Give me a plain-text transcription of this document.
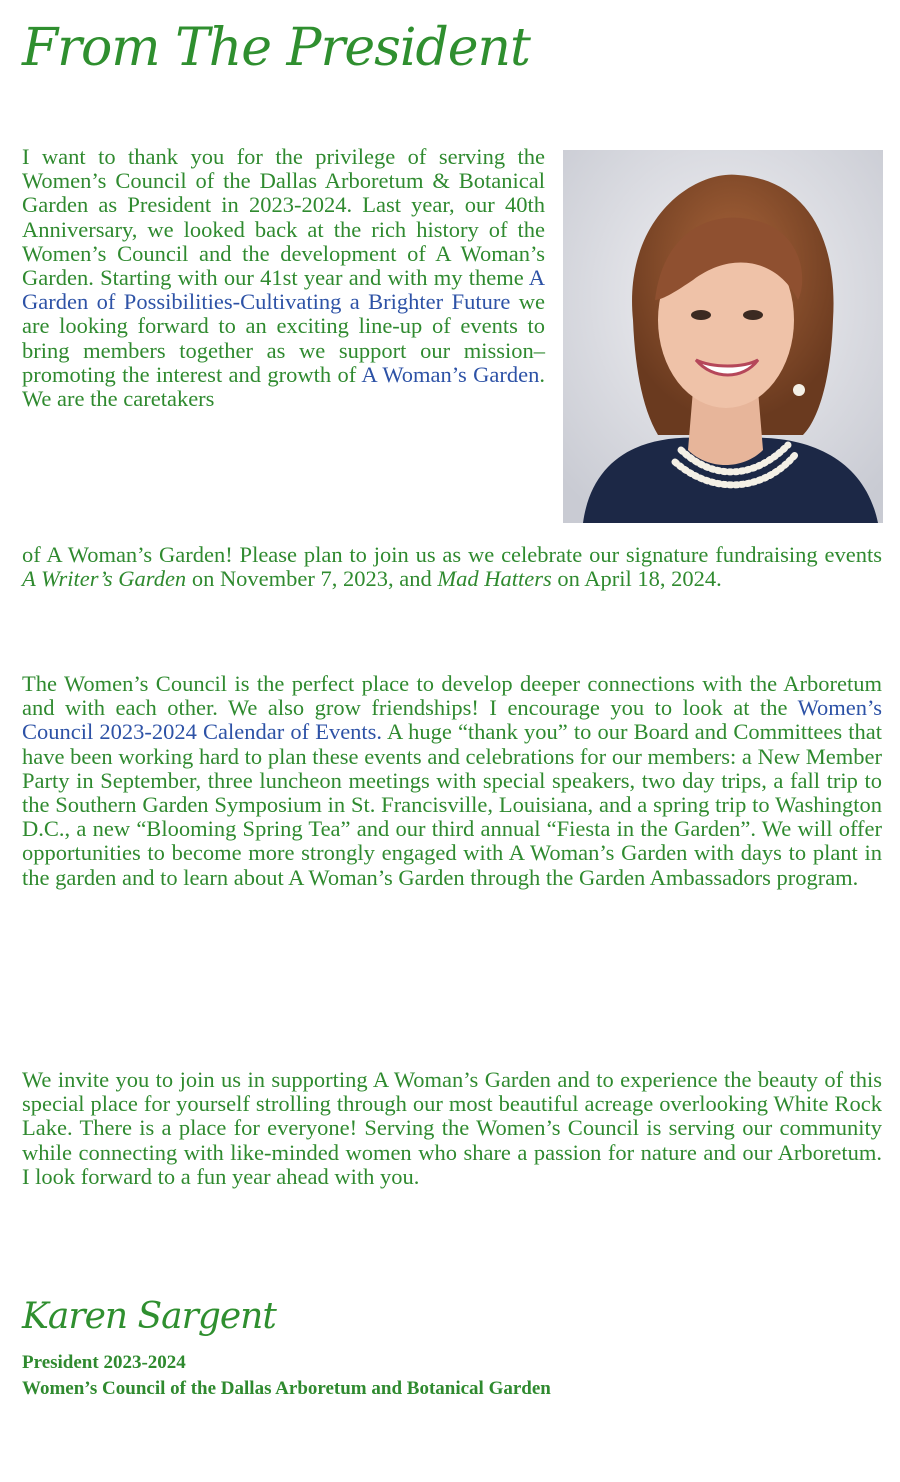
From The President
I want to thank you for the privilege of serving the Women’s Council of the Dallas Arboretum & Botanical Garden as President in 2023-2024. Last year, our 40th Anniversary, we looked back at the rich history of the Women’s Council and the development of A Woman’s Garden. Starting with our 41st year and with my theme A Garden of Possibilities-Cultivating a Brighter Future we are looking forward to an exciting line-up of events to bring members together as we support our mission–promoting the interest and growth of A Woman’s Garden. We are the caretakers
of A Woman’s Garden! Please plan to join us as we celebrate our signature fundraising events A Writer’s Garden on November 7, 2023, and Mad Hatters on April 18, 2024.
The Women’s Council is the perfect place to develop deeper connections with the Arboretum and with each other. We also grow friendships! I encourage you to look at the Women’s Council 2023-2024 Calendar of Events. A huge “thank you” to our Board and Committees that have been working hard to plan these events and celebrations for our members: a New Member Party in September, three luncheon meetings with special speakers, two day trips, a fall trip to the Southern Garden Symposium in St. Francisville, Louisiana, and a spring trip to Washington D.C., a new “Blooming Spring Tea” and our third annual “Fiesta in the Garden”. We will offer opportunities to become more strongly engaged with A Woman’s Garden with days to plant in the garden and to learn about A Woman’s Garden through the Garden Ambassadors program.
We invite you to join us in supporting A Woman’s Garden and to experience the beauty of this special place for yourself strolling through our most beautiful acreage overlooking White Rock Lake. There is a place for everyone! Serving the Women’s Council is serving our community while connecting with like-minded women who share a passion for nature and our Arboretum. I look forward to a fun year ahead with you.
Karen Sargent
President 2023-2024
Women’s Council of the Dallas Arboretum and Botanical Garden
